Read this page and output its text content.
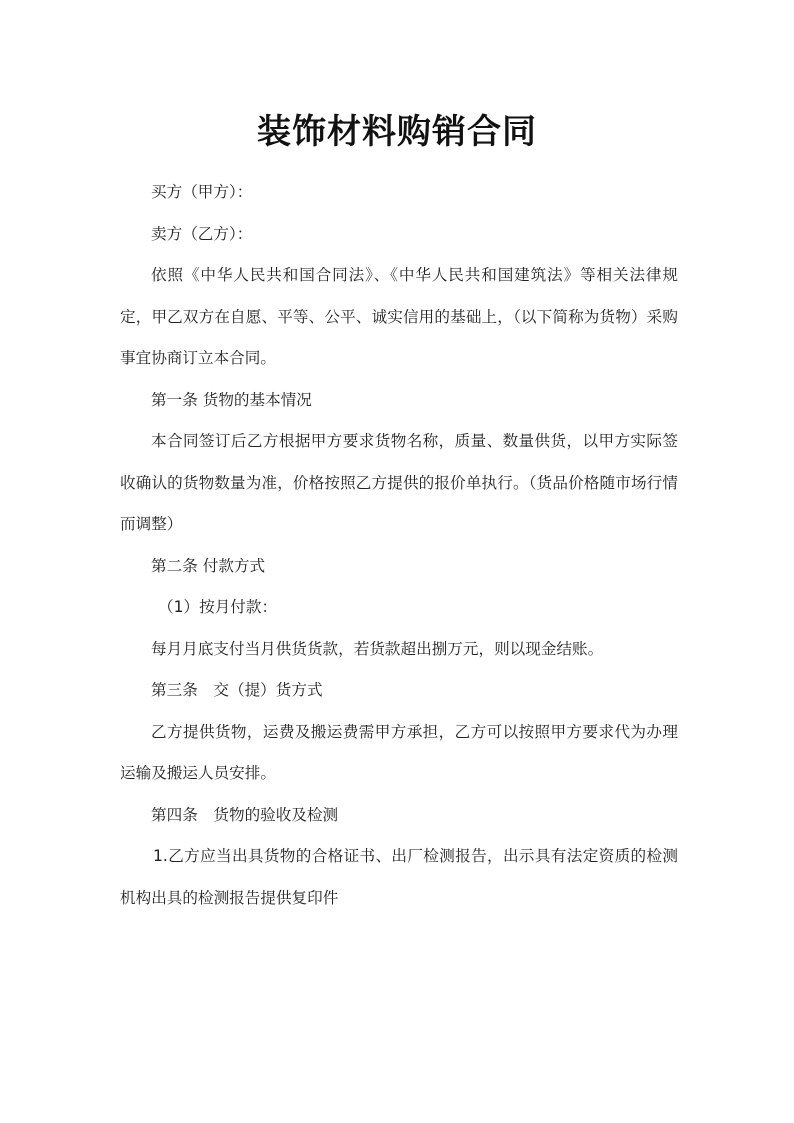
装饰材料购销合同

买方（甲方）：

卖方（乙方）：

依照《中华人民共和国合同法》、《中华人民共和国建筑法》等相关法律规定，甲乙双方在自愿、平等、公平、诚实信用的基础上，（以下简称为货物）采购事宜协商订立本合同。

第一条 货物的基本情况

本合同签订后乙方根据甲方要求货物名称，质量、数量供货，以甲方实际签收确认的货物数量为准，价格按照乙方提供的报价单执行。（货品价格随市场行情而调整）

第二条 付款方式

（1）按月付款：

每月月底支付当月供货货款，若货款超出捌万元，则以现金结账。

第三条　交（提）货方式

乙方提供货物，运费及搬运费需甲方承担，乙方可以按照甲方要求代为办理运输及搬运人员安排。

第四条　货物的验收及检测

1.乙方应当出具货物的合格证书、出厂检测报告，出示具有法定资质的检测机构出具的检测报告提供复印件
